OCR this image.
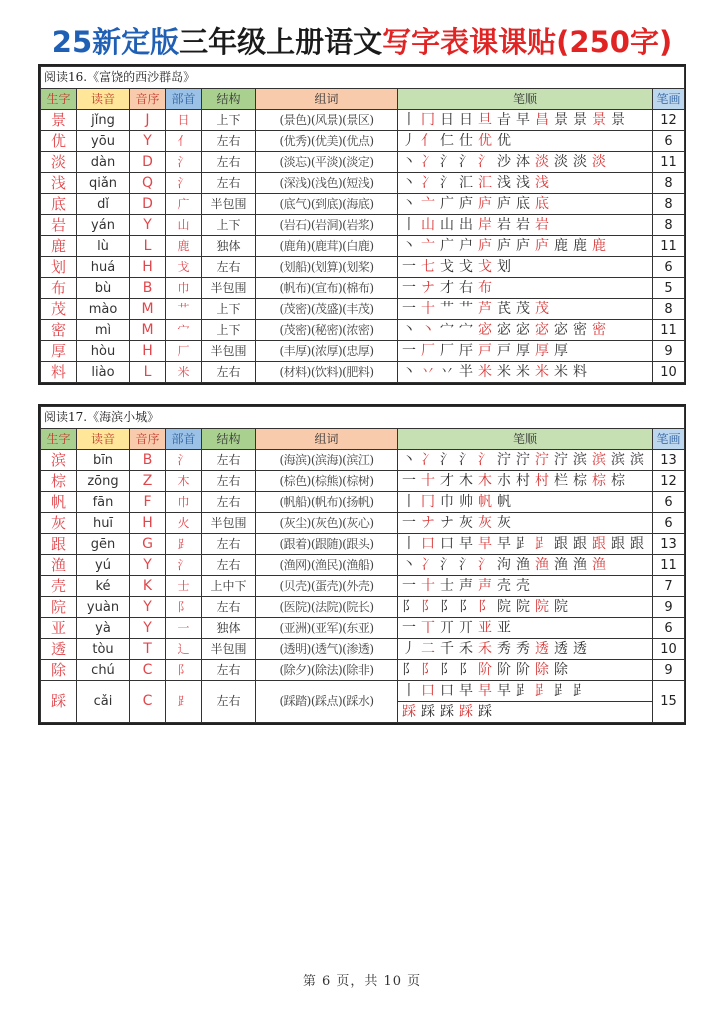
25新定版三年级上册语文写字表课课贴(250字)
阅读16.《富饶的西沙群岛》							
生字	读音	音序	部首	结构	组词	笔顺	笔画
景	jǐng	J	日	上下	(景色)(风景)(景区)	丨 冂 日 日 旦 㫖 早 昌 景 景 景 景	12
优	yōu	Y	亻	左右	(优秀)(优美)(优点)	丿 亻 仁 仕 优 优	6
淡	dàn	D	氵	左右	(淡忘)(平淡)(淡定)	丶 冫 氵 氵 氵 沙 泍 淡 淡 淡 淡	11
浅	qiǎn	Q	氵	左右	(深浅)(浅色)(短浅)	丶 冫 氵 汇 汇 浅 浅 浅	8
底	dǐ	D	广	半包围	(底气)(到底)(海底)	丶 亠 广 庐 庐 庐 底 底	8
岩	yán	Y	山	上下	(岩石)(岩洞)(岩浆)	丨 山 山 出 岸 岩 岩 岩	8
鹿	lù	L	鹿	独体	(鹿角)(鹿茸)(白鹿)	丶 亠 广 户 庐 庐 庐 庐 鹿 鹿 鹿	11
划	huá	H	戈	左右	(划船)(划算)(划桨)	一 七 戈 戈 戈 划	6
布	bù	B	巾	半包围	(帆布)(宣布)(棉布)	一 ナ 才 右 布	5
茂	mào	M	艹	上下	(茂密)(茂盛)(丰茂)	一 十 艹 艹 芦 芪 茂 茂	8
密	mì	M	宀	上下	(茂密)(秘密)(浓密)	丶 丶 宀 宀 宓 宓 宓 宓 宓 密 密	11
厚	hòu	H	厂	半包围	(丰厚)(浓厚)(忠厚)	一 厂 厂 厈 戸 戸 厚 厚 厚	9
料	liào	L	米	左右	(材料)(饮料)(肥料)	丶 丷 丷 半 米 米 米 米 米 料	10
阅读17.《海滨小城》							
生字	读音	音序	部首	结构	组词	笔顺	笔画
滨	bīn	B	氵	左右	(海滨)(滨海)(滨江)	丶 冫 氵 氵 氵 泞 泞 泞 泞 滨 滨 滨 滨	13
棕	zōng	Z	木	左右	(棕色)(棕熊)(棕树)	一 十 才 木 木 朩 村 村 栏 棕 棕 棕	12
帆	fān	F	巾	左右	(帆船)(帆布)(扬帆)	丨 冂 巾 帅 帆 帆	6
灰	huī	H	火	半包围	(灰尘)(灰色)(灰心)	一 ナ ナ 灰 灰 灰	6
跟	gēn	G	⻊	左右	(跟着)(跟随)(跟头)	丨 口 口 早 早 早 𧾷 𧾷 跟 跟 跟 跟 跟	13
渔	yú	Y	氵	左右	(渔网)(渔民)(渔船)	丶 冫 氵 氵 氵 泃 渔 渔 渔 渔 渔	11
壳	ké	K	士	上中下	(贝壳)(蛋壳)(外壳)	一 十 士 声 声 壳 壳	7
院	yuàn	Y	阝	左右	(医院)(法院)(院长)	阝 阝 阝 阝 阝 院 院 院 院	9
亚	yà	Y	一	独体	(亚洲)(亚军)(东亚)	一 丅 丌 丌 亚 亚	6
透	tòu	T	辶	半包围	(透明)(透气)(渗透)	丿 二 千 禾 禾 秀 秀 透 透 透	10
除	chú	C	阝	左右	(除夕)(除法)(除非)	阝 阝 阝 阝 阶 阶 阶 除 除	9
踩	cǎi	C	⻊	左右	(踩踏)(踩点)(踩水)	丨 口 口 早 早 早 𧾷 𧾷 𧾷 𧾷	15
						踩 踩 踩 踩 踩	
第 6 页，共 10 页
